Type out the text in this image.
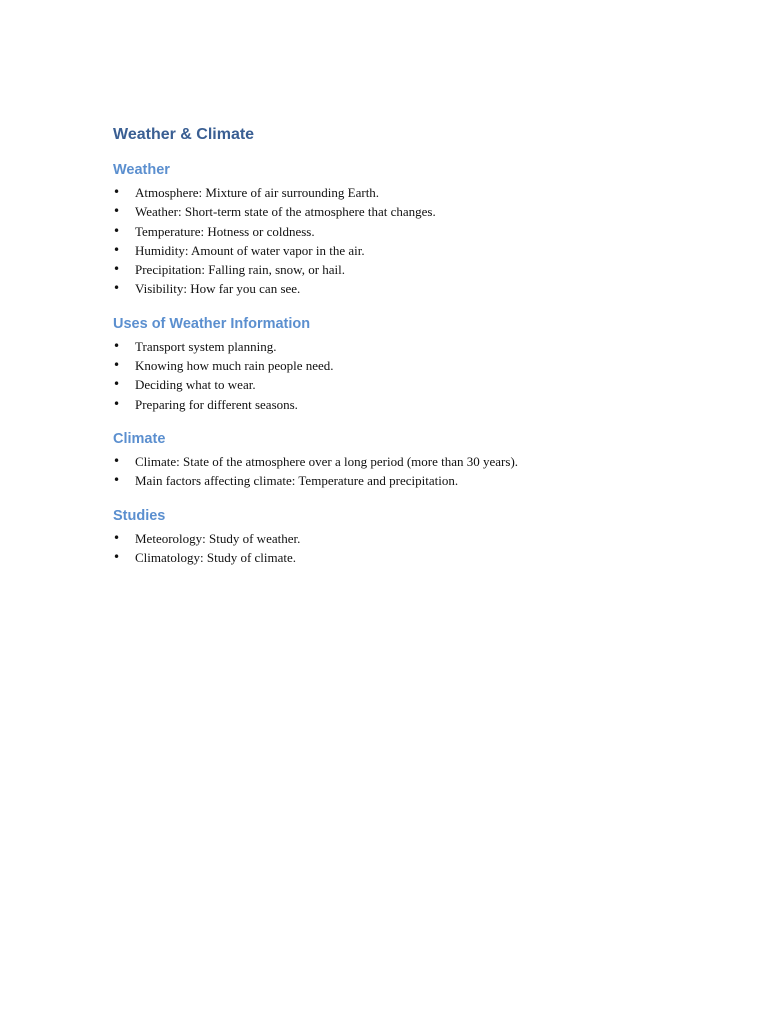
Weather & Climate
Weather
• Atmosphere: Mixture of air surrounding Earth.
• Weather: Short-term state of the atmosphere that changes.
• Temperature: Hotness or coldness.
• Humidity: Amount of water vapor in the air.
• Precipitation: Falling rain, snow, or hail.
• Visibility: How far you can see.
Uses of Weather Information
• Transport system planning.
• Knowing how much rain people need.
• Deciding what to wear.
• Preparing for different seasons.
Climate
• Climate: State of the atmosphere over a long period (more than 30 years).
• Main factors affecting climate: Temperature and precipitation.
Studies
• Meteorology: Study of weather.
• Climatology: Study of climate.
